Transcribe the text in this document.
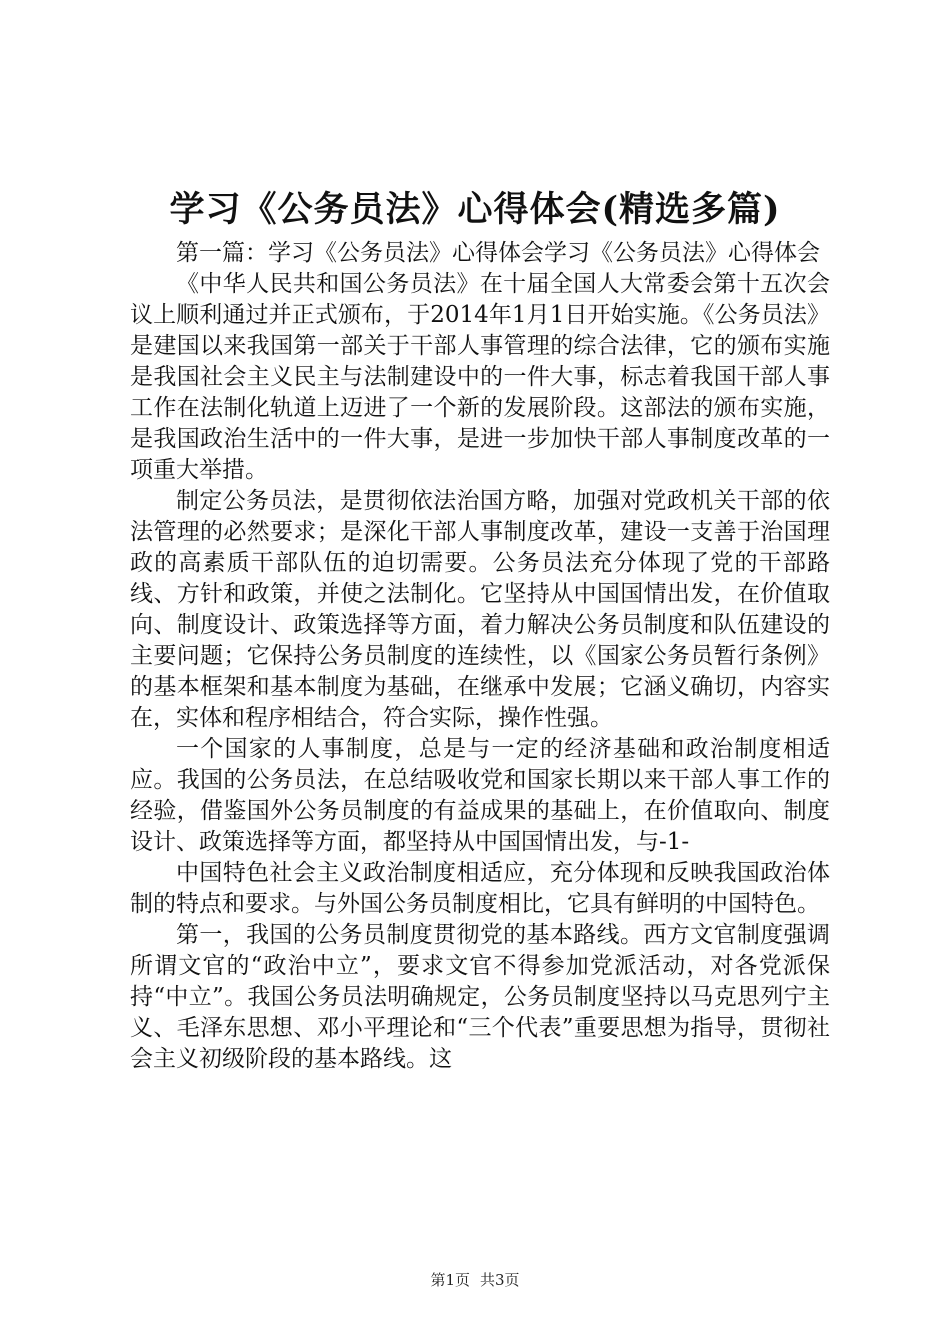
学习《公务员法》心得体会(精选多篇)

第一篇：学习《公务员法》心得体会学习《公务员法》心得体会

《中华人民共和国公务员法》在十届全国人大常委会第十五次会议上顺利通过并正式颁布，于2014年1月1日开始实施。《公务员法》是建国以来我国第一部关于干部人事管理的综合法律，它的颁布实施是我国社会主义民主与法制建设中的一件大事，标志着我国干部人事工作在法制化轨道上迈进了一个新的发展阶段。这部法的颁布实施，是我国政治生活中的一件大事，是进一步加快干部人事制度改革的一项重大举措。

制定公务员法，是贯彻依法治国方略，加强对党政机关干部的依法管理的必然要求；是深化干部人事制度改革，建设一支善于治国理政的高素质干部队伍的迫切需要。公务员法充分体现了党的干部路线、方针和政策，并使之法制化。它坚持从中国国情出发，在价值取向、制度设计、政策选择等方面，着力解决公务员制度和队伍建设的主要问题；它保持公务员制度的连续性，以《国家公务员暂行条例》的基本框架和基本制度为基础，在继承中发展；它涵义确切，内容实在，实体和程序相结合，符合实际，操作性强。

一个国家的人事制度，总是与一定的经济基础和政治制度相适应。我国的公务员法，在总结吸收党和国家长期以来干部人事工作的经验，借鉴国外公务员制度的有益成果的基础上，在价值取向、制度设计、政策选择等方面，都坚持从中国国情出发，与-1-

中国特色社会主义政治制度相适应，充分体现和反映我国政治体制的特点和要求。与外国公务员制度相比，它具有鲜明的中国特色。

第一，我国的公务员制度贯彻党的基本路线。西方文官制度强调所谓文官的“政治中立”，要求文官不得参加党派活动，对各党派保持“中立”。我国公务员法明确规定，公务员制度坚持以马克思列宁主义、毛泽东思想、邓小平理论和“三个代表”重要思想为指导，贯彻社会主义初级阶段的基本路线。这

第1页 共3页
